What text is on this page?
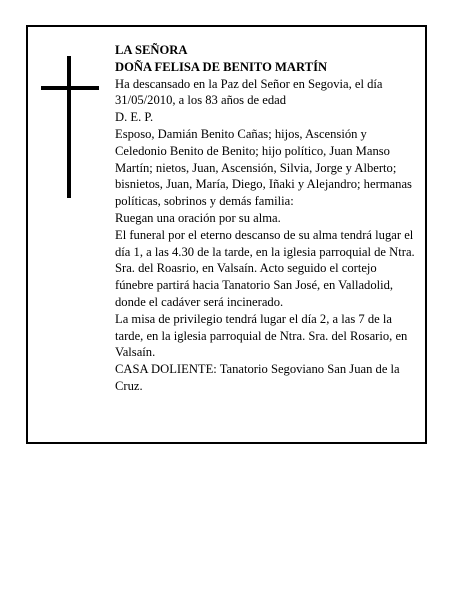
LA SEÑORA

DOÑA FELISA DE BENITO MARTÍN

Ha descansado en la Paz del Señor en Segovia, el día 31/05/2010, a los 83 años de edad

D. E. P.

Esposo, Damián Benito Cañas; hijos, Ascensión y Celedonio Benito de Benito; hijo político, Juan Manso Martín; nietos, Juan, Ascensión, Silvia, Jorge y Alberto; bisnietos, Juan, María, Diego, Iñaki y Alejandro; hermanas políticas, sobrinos y demás familia:

Ruegan una oración por su alma.

El funeral por el eterno descanso de su alma tendrá lugar el día 1, a las 4.30 de la tarde, en la iglesia parroquial de Ntra. Sra. del Roasrio, en Valsaín. Acto seguido el cortejo fúnebre partirá hacia Tanatorio San José, en Valladolid, donde el cadáver será incinerado.

La misa de privilegio tendrá lugar el día 2, a las 7 de la tarde, en la iglesia parroquial de Ntra. Sra. del Rosario, en Valsaín.

CASA DOLIENTE: Tanatorio Segoviano San Juan de la Cruz.
